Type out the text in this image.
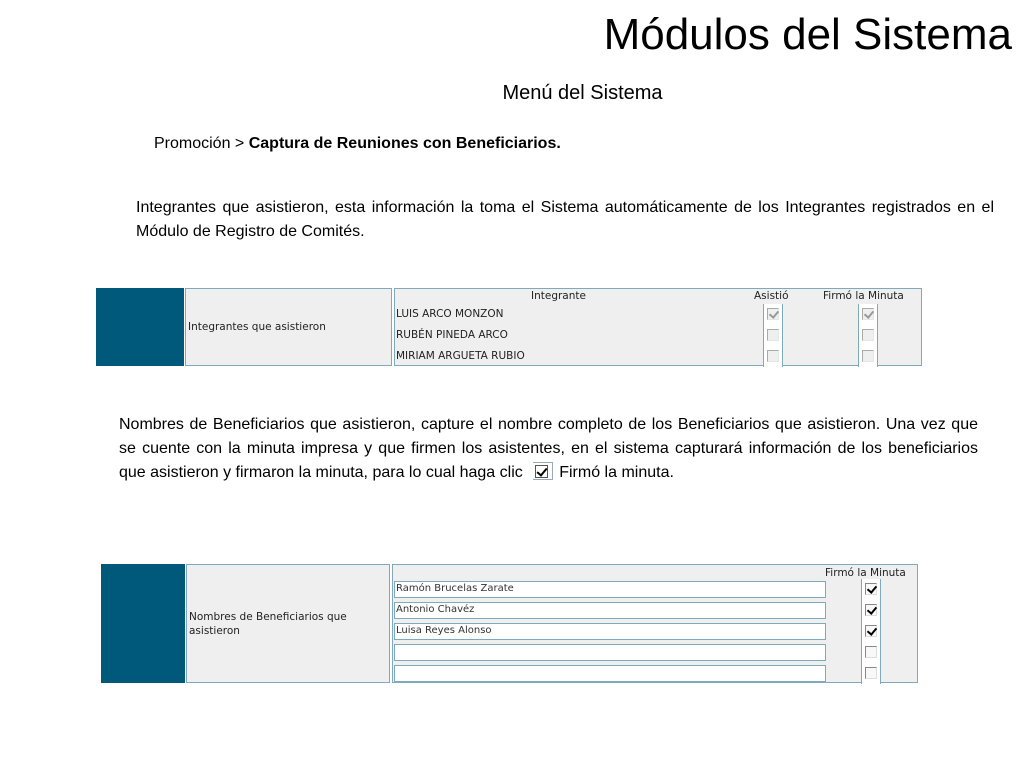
Módulos del Sistema
Menú del Sistema
Promoción > Captura de Reuniones con Beneficiarios.

Integrantes que asistieron, esta información la toma el Sistema automáticamente de los Integrantes registrados en el Módulo de Registro de Comités.

Integrantes que asistieron
Integrante	Asistió	Firmó la Minuta
LUIS ARCO MONZON
RUBÉN PINEDA ARCO
MIRIAM ARGUETA RUBIO

Nombres de Beneficiarios que asistieron, capture el nombre completo de los Beneficiarios que asistieron. Una vez que se cuente con la minuta impresa y que firmen los asistentes, en el sistema capturará información de los beneficiarios que asistieron y firmaron la minuta, para lo cual haga clic
Firmó la minuta.

Nombres de Beneficiarios que asistieron
Firmó la Minuta
Ramón Brucelas Zarate
Antonio Chavéz
Luisa Reyes Alonso
